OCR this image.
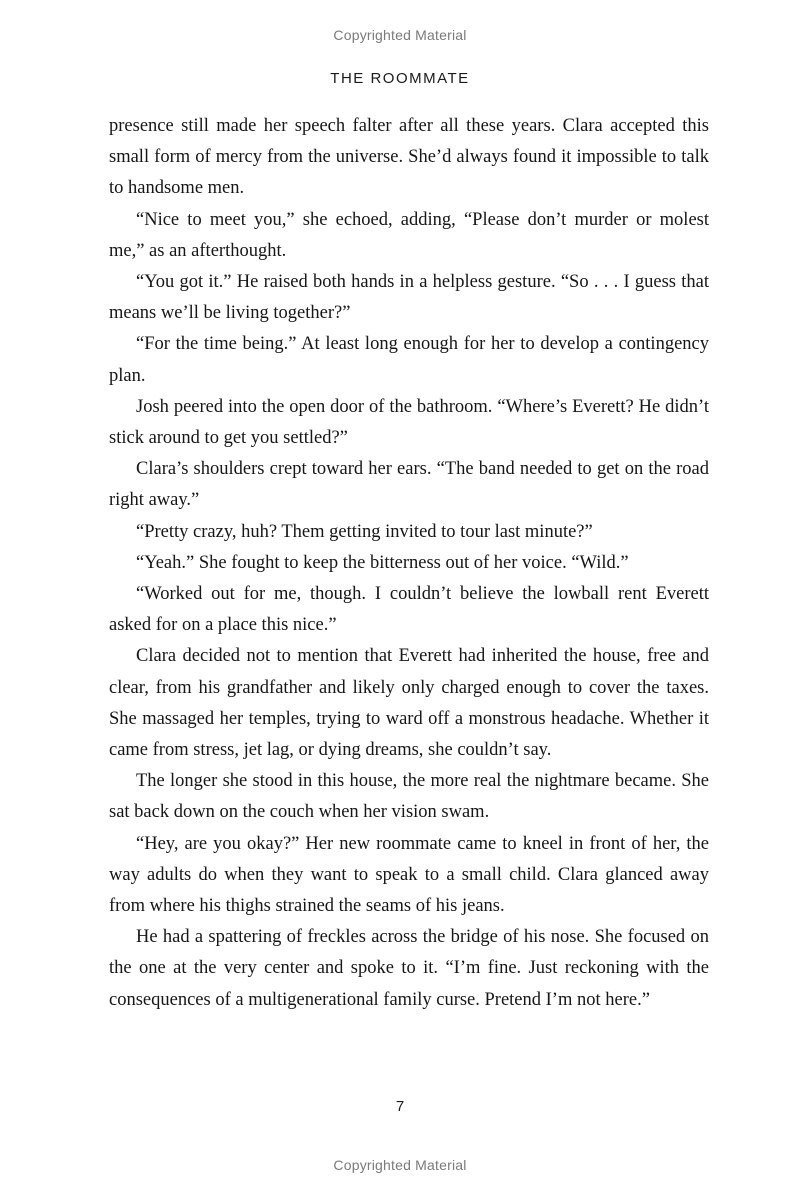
Copyrighted Material
THE ROOMMATE

presence still made her speech falter after all these years. Clara accepted this small form of mercy from the universe. She’d always found it impossible to talk to handsome men.

“Nice to meet you,” she echoed, adding, “Please don’t murder or molest me,” as an afterthought.

“You got it.” He raised both hands in a helpless gesture. “So . . . I guess that means we’ll be living together?”

“For the time being.” At least long enough for her to develop a contingency plan.

Josh peered into the open door of the bathroom. “Where’s Everett? He didn’t stick around to get you settled?”

Clara’s shoulders crept toward her ears. “The band needed to get on the road right away.”

“Pretty crazy, huh? Them getting invited to tour last minute?”

“Yeah.” She fought to keep the bitterness out of her voice. “Wild.”

“Worked out for me, though. I couldn’t believe the lowball rent Everett asked for on a place this nice.”

Clara decided not to mention that Everett had inherited the house, free and clear, from his grandfather and likely only charged enough to cover the taxes. She massaged her temples, trying to ward off a monstrous headache. Whether it came from stress, jet lag, or dying dreams, she couldn’t say.

The longer she stood in this house, the more real the nightmare became. She sat back down on the couch when her vision swam.

“Hey, are you okay?” Her new roommate came to kneel in front of her, the way adults do when they want to speak to a small child. Clara glanced away from where his thighs strained the seams of his jeans.

He had a spattering of freckles across the bridge of his nose. She focused on the one at the very center and spoke to it. “I’m fine. Just reckoning with the consequences of a multigenerational family curse. Pretend I’m not here.”

7
Copyrighted Material
